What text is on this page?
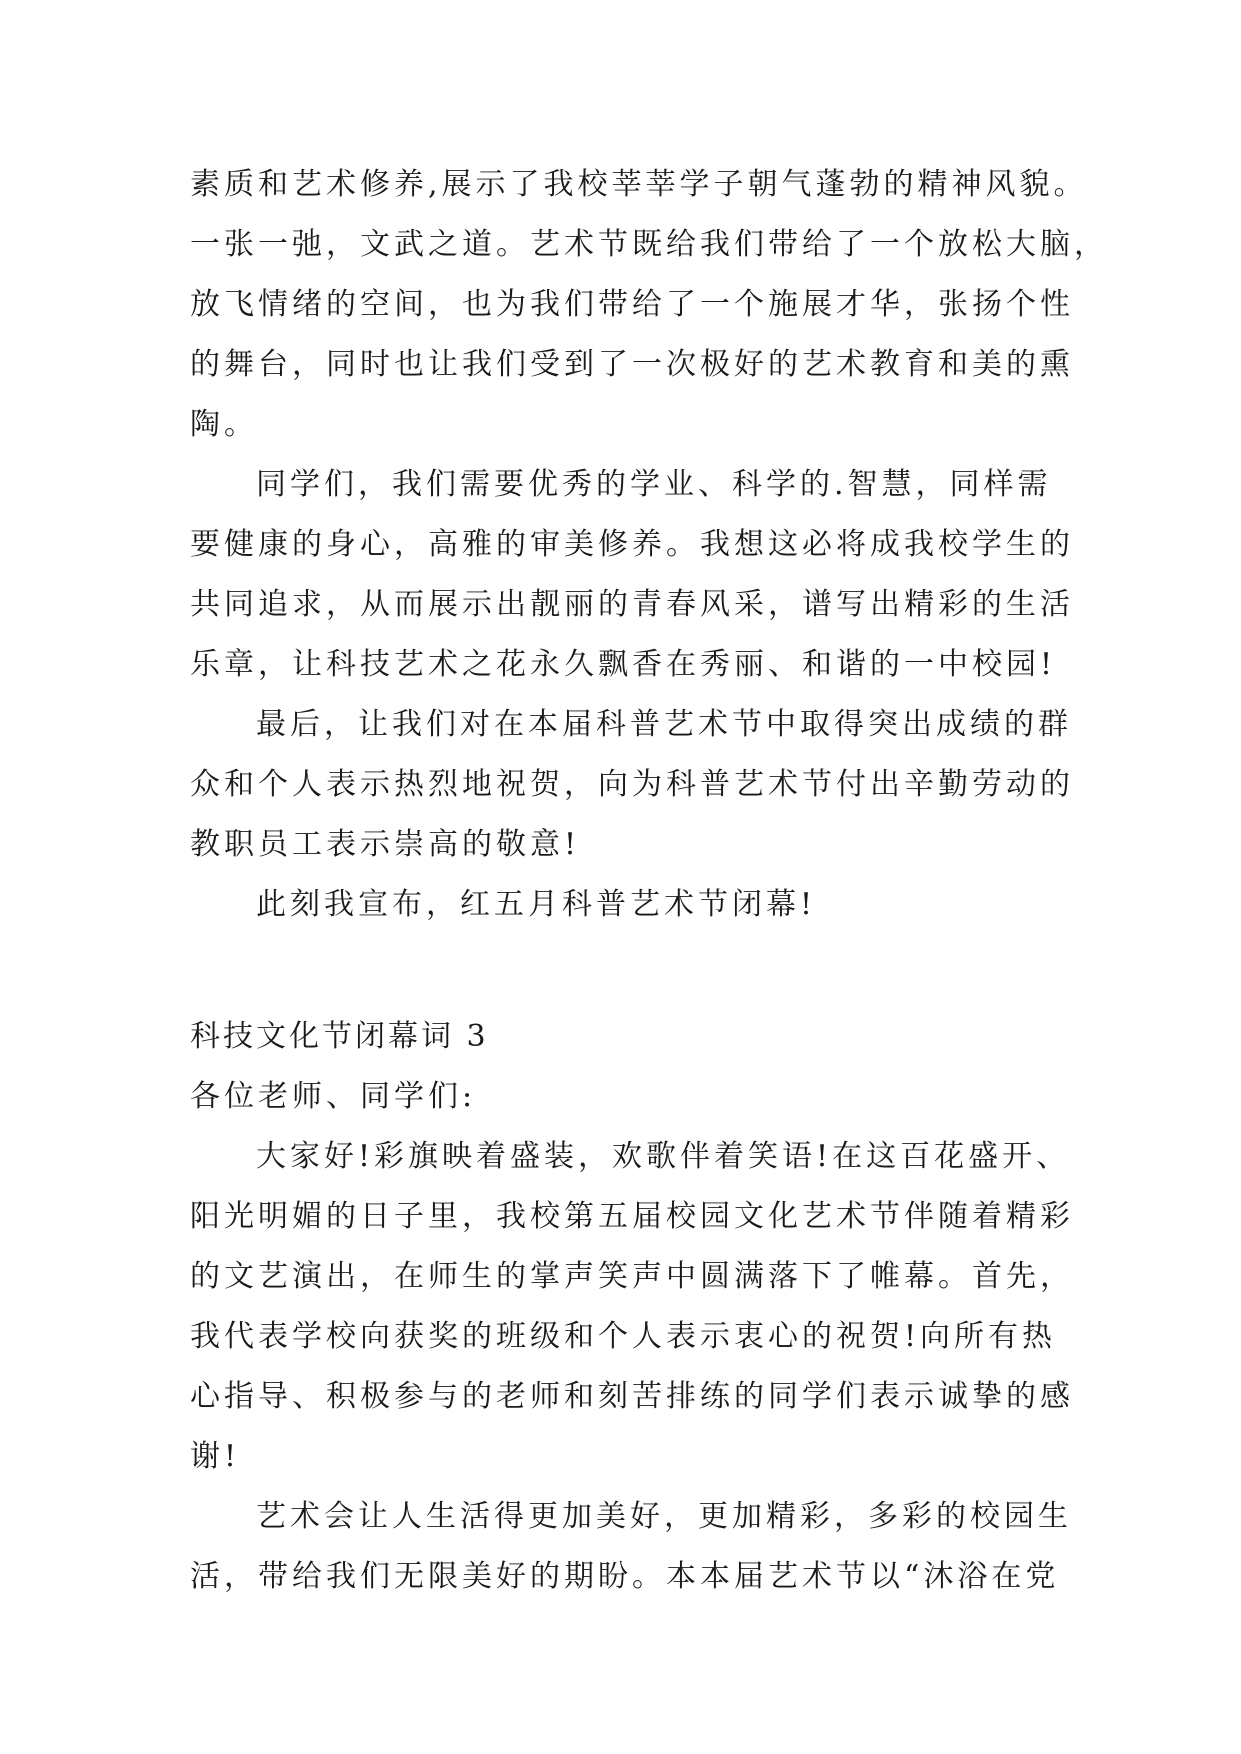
素质和艺术修养,展示了我校莘莘学子朝气蓬勃的精神风貌。
一张一弛，文武之道。艺术节既给我们带给了一个放松大脑，
放飞情绪的空间，也为我们带给了一个施展才华，张扬个性
的舞台，同时也让我们受到了一次极好的艺术教育和美的熏
陶。
同学们，我们需要优秀的学业、科学的.智慧，同样需
要健康的身心，高雅的审美修养。我想这必将成我校学生的
共同追求，从而展示出靓丽的青春风采，谱写出精彩的生活
乐章，让科技艺术之花永久飘香在秀丽、和谐的一中校园!
最后，让我们对在本届科普艺术节中取得突出成绩的群
众和个人表示热烈地祝贺，向为科普艺术节付出辛勤劳动的
教职员工表示崇高的敬意!
此刻我宣布，红五月科普艺术节闭幕!
科技文化节闭幕词 3
各位老师、同学们:
大家好!彩旗映着盛装，欢歌伴着笑语!在这百花盛开、
阳光明媚的日子里，我校第五届校园文化艺术节伴随着精彩
的文艺演出，在师生的掌声笑声中圆满落下了帷幕。首先，
我代表学校向获奖的班级和个人表示衷心的祝贺!向所有热
心指导、积极参与的老师和刻苦排练的同学们表示诚挚的感
谢!
艺术会让人生活得更加美好，更加精彩，多彩的校园生
活，带给我们无限美好的期盼。本本届艺术节以“沐浴在党
